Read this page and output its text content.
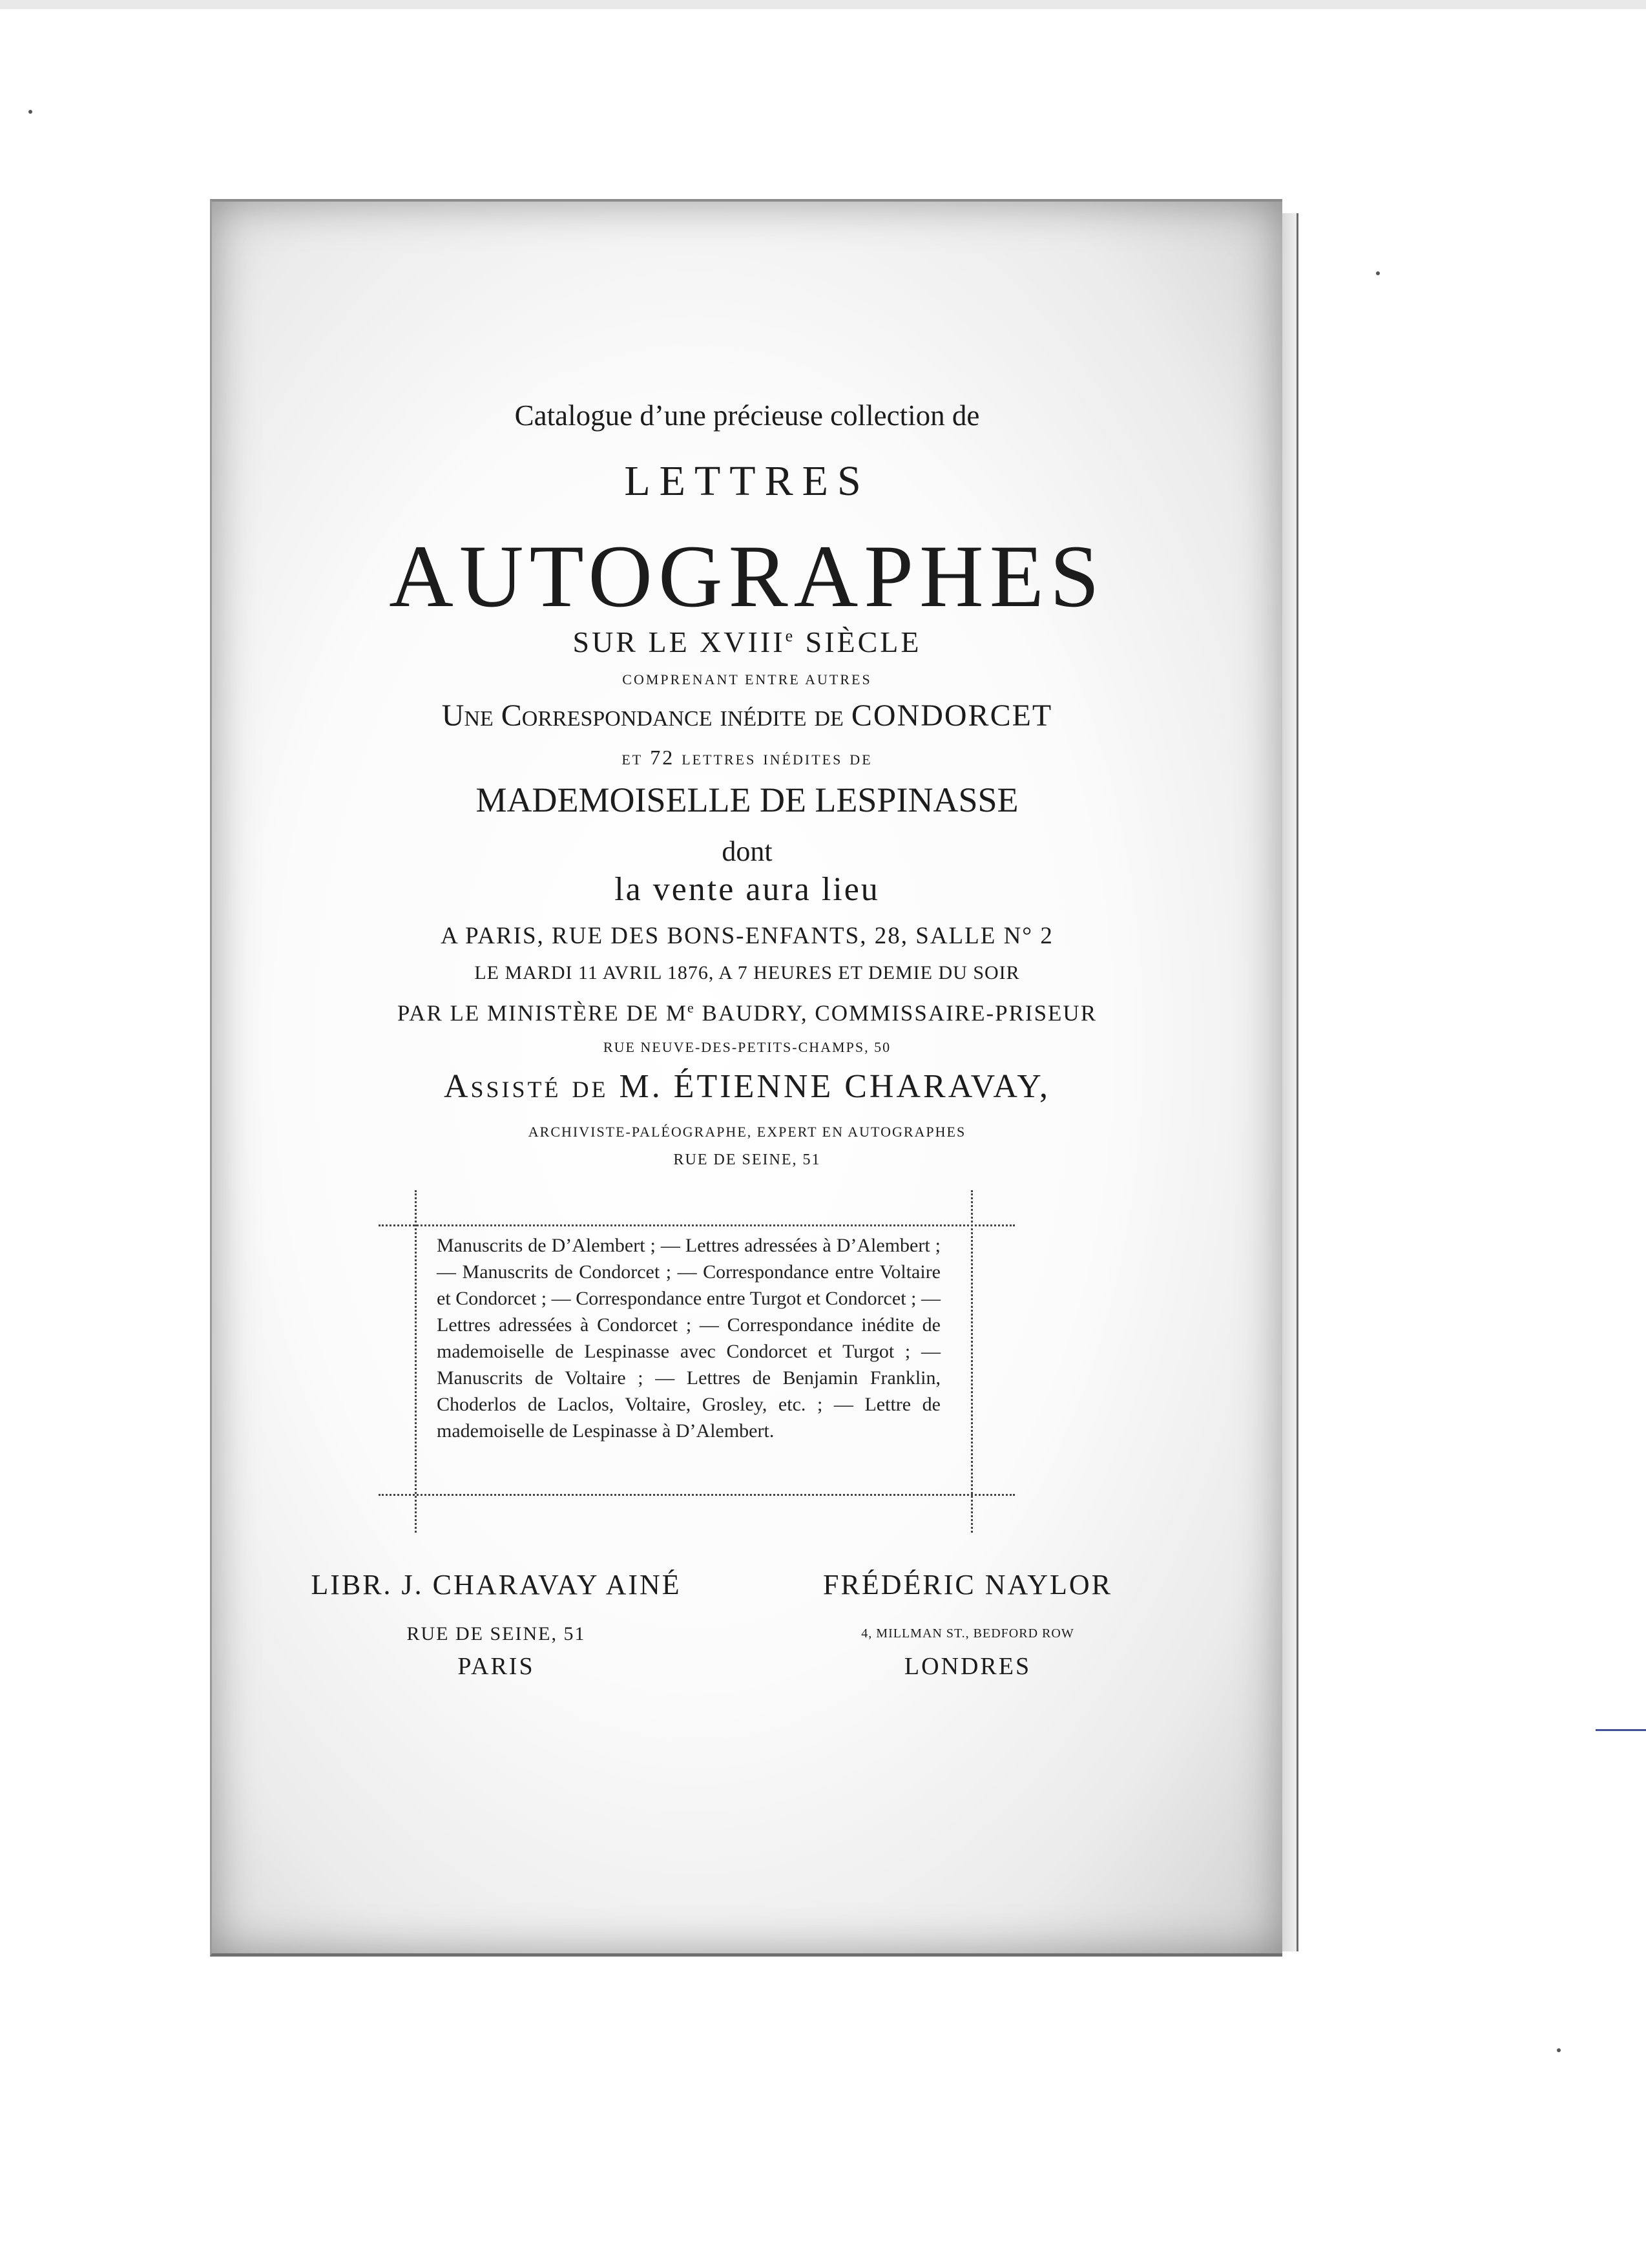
Catalogue d’une précieuse collection de
LETTRES
AUTOGRAPHES
SUR LE XVIIIe SIÈCLE
COMPRENANT ENTRE AUTRES
Une Correspondance inédite de CONDORCET
et 72 lettres inédites de
MADEMOISELLE DE LESPINASSE
dont
la vente aura lieu
A PARIS, RUE DES BONS-ENFANTS, 28, SALLE N° 2
LE MARDI 11 AVRIL 1876, A 7 HEURES ET DEMIE DU SOIR
PAR LE MINISTÈRE DE Me BAUDRY, COMMISSAIRE-PRISEUR
RUE NEUVE-DES-PETITS-CHAMPS, 50
Assisté de M. ÉTIENNE CHARAVAY,
ARCHIVISTE-PALÉOGRAPHE, EXPERT EN AUTOGRAPHES
RUE DE SEINE, 51
Manuscrits de D’Alembert ; — Lettres adressées à D’Alembert ; — Manuscrits de Condorcet ; — Correspondance entre Voltaire et Condorcet ; — Correspondance entre Turgot et Condorcet ; — Lettres adressées à Condorcet ; — Correspondance inédite de mademoiselle de Lespinasse avec Condorcet et Turgot ; — Manuscrits de Voltaire ; — Lettres de Benjamin Franklin, Choderlos de Laclos, Voltaire, Grosley, etc. ; — Lettre de mademoiselle de Lespinasse à D’Alembert.
LIBR. J. CHARAVAY AINÉ
RUE DE SEINE, 51
PARIS
FRÉDÉRIC NAYLOR
4, MILLMAN ST., BEDFORD ROW
LONDRES
